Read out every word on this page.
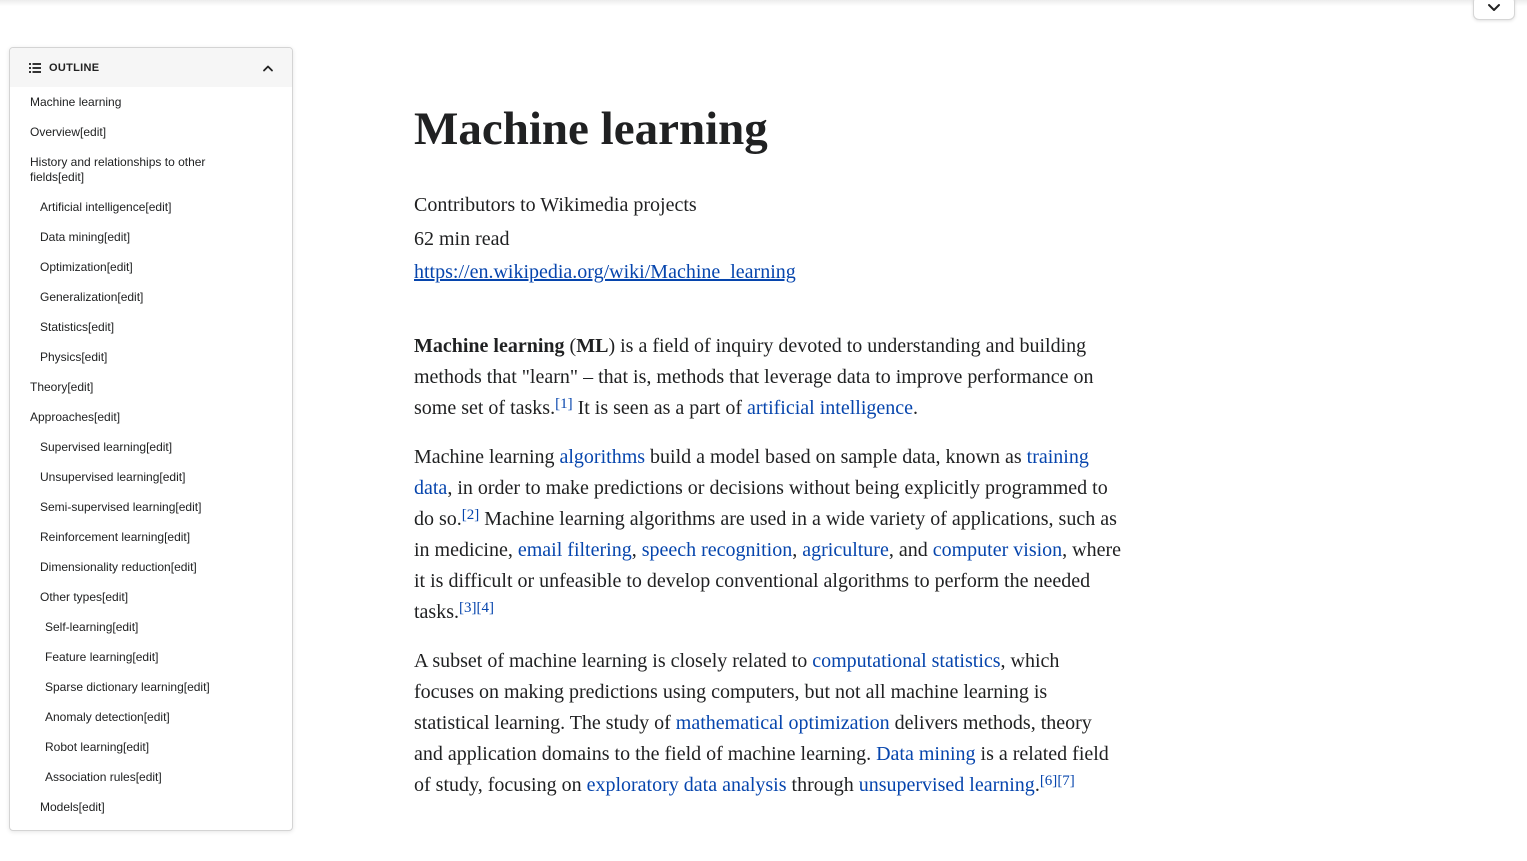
OUTLINE
Machine learning
Overview[edit]
History and relationships to other fields[edit]
Artificial intelligence[edit]
Data mining[edit]
Optimization[edit]
Generalization[edit]
Statistics[edit]
Physics[edit]
Theory[edit]
Approaches[edit]
Supervised learning[edit]
Unsupervised learning[edit]
Semi-supervised learning[edit]
Reinforcement learning[edit]
Dimensionality reduction[edit]
Other types[edit]
Self-learning[edit]
Feature learning[edit]
Sparse dictionary learning[edit]
Anomaly detection[edit]
Robot learning[edit]
Association rules[edit]
Models[edit]
Machine learning
Contributors to Wikimedia projects
62 min read
https://en.wikipedia.org/wiki/Machine_learning

Machine learning (ML) is a field of inquiry devoted to understanding and building methods that "learn" – that is, methods that leverage data to improve performance on some set of tasks.[1] It is seen as a part of artificial intelligence.

Machine learning algorithms build a model based on sample data, known as training data, in order to make predictions or decisions without being explicitly programmed to do so.[2] Machine learning algorithms are used in a wide variety of applications, such as in medicine, email filtering, speech recognition, agriculture, and computer vision, where it is difficult or unfeasible to develop conventional algorithms to perform the needed tasks.[3][4]

A subset of machine learning is closely related to computational statistics, which focuses on making predictions using computers, but not all machine learning is statistical learning. The study of mathematical optimization delivers methods, theory and application domains to the field of machine learning. Data mining is a related field of study, focusing on exploratory data analysis through unsupervised learning.[6][7]
